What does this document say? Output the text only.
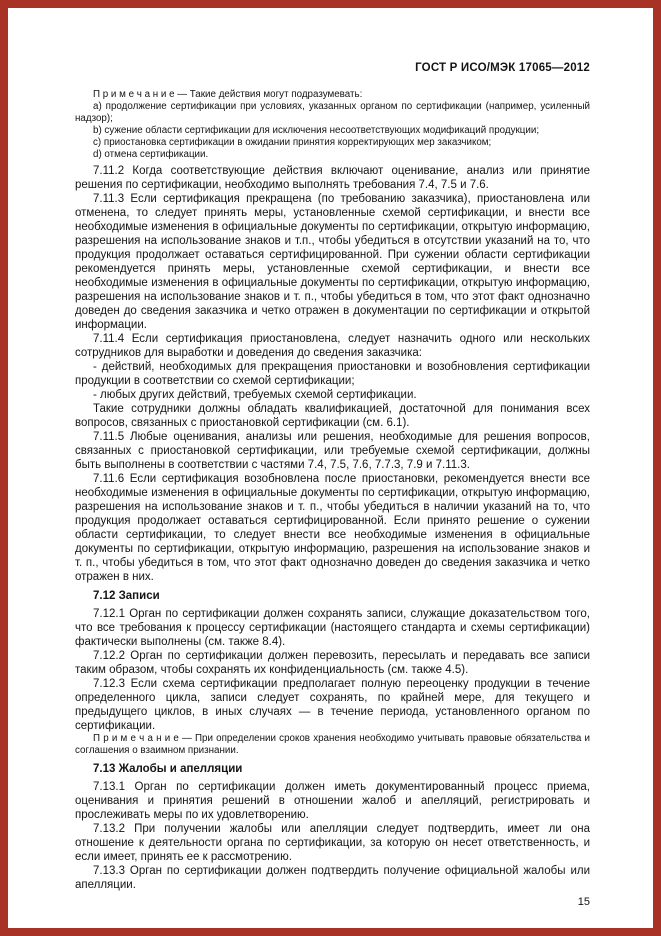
ГОСТ Р ИСО/МЭК 17065—2012

П р и м е ч а н и е — Такие действия могут подразумевать:

a) продолжение сертификации при условиях, указанных органом по сертификации (например, усиленный надзор);

b) сужение области сертификации для исключения несоответствующих модификаций продукции;

c) приостановка сертификации в ожидании принятия корректирующих мер заказчиком;

d) отмена сертификации.

7.11.2 Когда соответствующие действия включают оценивание, анализ или принятие решения по сертификации, необходимо выполнять требования 7.4, 7.5 и 7.6.

7.11.3 Если сертификация прекращена (по требованию заказчика), приостановлена или отменена, то следует принять меры, установленные схемой сертификации, и внести все необходимые изменения в официальные документы по сертификации, открытую информацию, разрешения на использование знаков и т.п., чтобы убедиться в отсутствии указаний на то, что продукция продолжает оставаться сертифицированной. При сужении области сертификации рекомендуется принять меры, установленные схемой сертификации, и внести все необходимые изменения в официальные документы по сертификации, открытую информацию, разрешения на использование знаков и т. п., чтобы убедиться в том, что этот факт однозначно доведен до сведения заказчика и четко отражен в документации по сертификации и открытой информации.

7.11.4 Если сертификация приостановлена, следует назначить одного или нескольких сотрудников для выработки и доведения до сведения заказчика:

- действий, необходимых для прекращения приостановки и возобновления сертификации продукции в соответствии со схемой сертификации;

- любых других действий, требуемых схемой сертификации.

Такие сотрудники должны обладать квалификацией, достаточной для понимания всех вопросов, связанных с приостановкой сертификации (см. 6.1).

7.11.5 Любые оценивания, анализы или решения, необходимые для решения вопросов, связанных с приостановкой сертификации, или требуемые схемой сертификации, должны быть выполнены в соответствии с частями 7.4, 7.5, 7.6, 7.7.3, 7.9 и 7.11.3.

7.11.6 Если сертификация возобновлена после приостановки, рекомендуется внести все необходимые изменения в официальные документы по сертификации, открытую информацию, разрешения на использование знаков и т. п., чтобы убедиться в наличии указаний на то, что продукция продолжает оставаться сертифицированной. Если принято решение о сужении области сертификации, то следует внести все необходимые изменения в официальные документы по сертификации, открытую информацию, разрешения на использование знаков и т. п., чтобы убедиться в том, что этот факт однозначно доведен до сведения заказчика и четко отражен в них.

7.12 Записи

7.12.1 Орган по сертификации должен сохранять записи, служащие доказательством того, что все требования к процессу сертификации (настоящего стандарта и схемы сертификации) фактически выполнены (см. также 8.4).

7.12.2 Орган по сертификации должен перевозить, пересылать и передавать все записи таким образом, чтобы сохранять их конфиденциальность (см. также 4.5).

7.12.3 Если схема сертификации предполагает полную переоценку продукции в течение определенного цикла, записи следует сохранять, по крайней мере, для текущего и предыдущего циклов, в иных случаях — в течение периода, установленного органом по сертификации.

П р и м е ч а н и е — При определении сроков хранения необходимо учитывать правовые обязательства и соглашения о взаимном признании.

7.13 Жалобы и апелляции

7.13.1 Орган по сертификации должен иметь документированный процесс приема, оценивания и принятия решений в отношении жалоб и апелляций, регистрировать и прослеживать меры по их удовлетворению.

7.13.2 При получении жалобы или апелляции следует подтвердить, имеет ли она отношение к деятельности органа по сертификации, за которую он несет ответственность, и если имеет, принять ее к рассмотрению.

7.13.3 Орган по сертификации должен подтвердить получение официальной жалобы или апелляции.

15
